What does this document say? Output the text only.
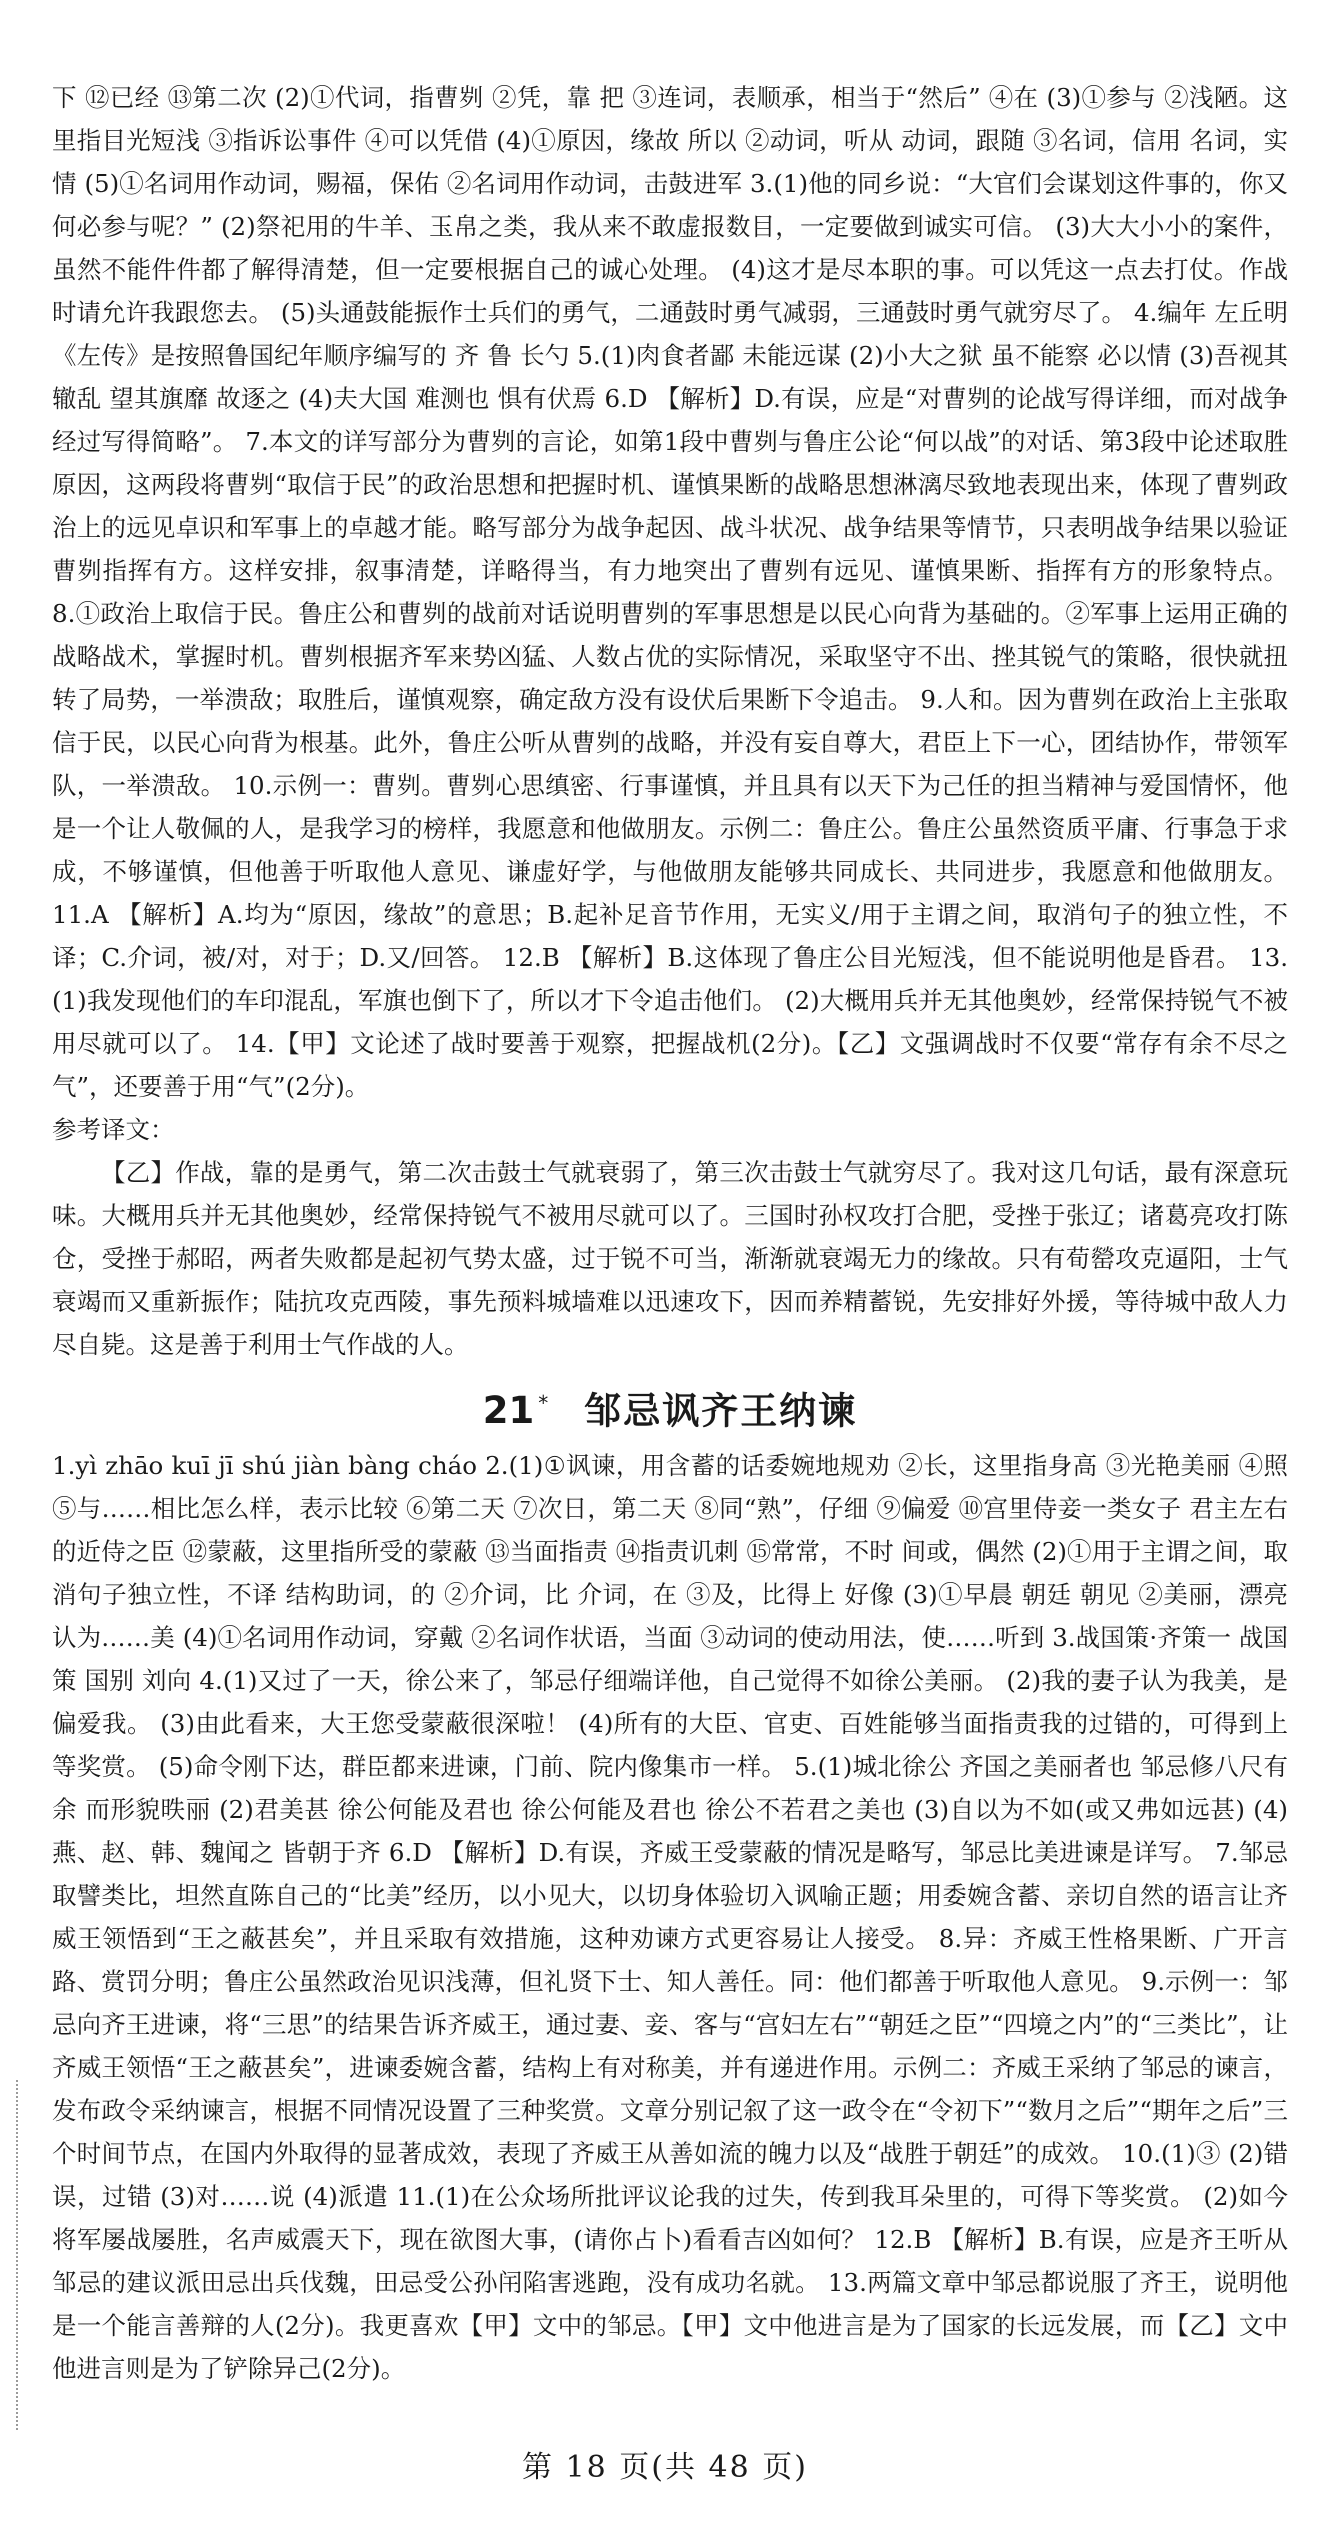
下 ⑫已经 ⑬第二次 (2)①代词，指曹刿 ②凭，靠 把 ③连词，表顺承，相当于“然后” ④在 (3)①参与 ②浅陋。这里指目光短浅 ③指诉讼事件 ④可以凭借 (4)①原因，缘故 所以 ②动词，听从 动词，跟随 ③名词，信用 名词，实情 (5)①名词用作动词，赐福，保佑 ②名词用作动词，击鼓进军 3.(1)他的同乡说：“大官们会谋划这件事的，你又何必参与呢？” (2)祭祀用的牛羊、玉帛之类，我从来不敢虚报数目，一定要做到诚实可信。 (3)大大小小的案件，虽然不能件件都了解得清楚，但一定要根据自己的诚心处理。 (4)这才是尽本职的事。可以凭这一点去打仗。作战时请允许我跟您去。 (5)头通鼓能振作士兵们的勇气，二通鼓时勇气减弱，三通鼓时勇气就穷尽了。 4.编年 左丘明 《左传》是按照鲁国纪年顺序编写的 齐 鲁 长勺 5.(1)肉食者鄙 未能远谋 (2)小大之狱 虽不能察 必以情 (3)吾视其辙乱 望其旗靡 故逐之 (4)夫大国 难测也 惧有伏焉 6.D 【解析】D.有误，应是“对曹刿的论战写得详细，而对战争经过写得简略”。 7.本文的详写部分为曹刿的言论，如第1段中曹刿与鲁庄公论“何以战”的对话、第3段中论述取胜原因，这两段将曹刿“取信于民”的政治思想和把握时机、谨慎果断的战略思想淋漓尽致地表现出来，体现了曹刿政治上的远见卓识和军事上的卓越才能。略写部分为战争起因、战斗状况、战争结果等情节，只表明战争结果以验证曹刿指挥有方。这样安排，叙事清楚，详略得当，有力地突出了曹刿有远见、谨慎果断、指挥有方的形象特点。 8.①政治上取信于民。鲁庄公和曹刿的战前对话说明曹刿的军事思想是以民心向背为基础的。②军事上运用正确的战略战术，掌握时机。曹刿根据齐军来势凶猛、人数占优的实际情况，采取坚守不出、挫其锐气的策略，很快就扭转了局势，一举溃敌；取胜后，谨慎观察，确定敌方没有设伏后果断下令追击。 9.人和。因为曹刿在政治上主张取信于民，以民心向背为根基。此外，鲁庄公听从曹刿的战略，并没有妄自尊大，君臣上下一心，团结协作，带领军队，一举溃敌。 10.示例一：曹刿。曹刿心思缜密、行事谨慎，并且具有以天下为己任的担当精神与爱国情怀，他是一个让人敬佩的人，是我学习的榜样，我愿意和他做朋友。示例二：鲁庄公。鲁庄公虽然资质平庸、行事急于求成，不够谨慎，但他善于听取他人意见、谦虚好学，与他做朋友能够共同成长、共同进步，我愿意和他做朋友。 11.A 【解析】A.均为“原因，缘故”的意思；B.起补足音节作用，无实义/用于主谓之间，取消句子的独立性，不译；C.介词，被/对，对于；D.又/回答。 12.B 【解析】B.这体现了鲁庄公目光短浅，但不能说明他是昏君。 13.(1)我发现他们的车印混乱，军旗也倒下了，所以才下令追击他们。 (2)大概用兵并无其他奥妙，经常保持锐气不被用尽就可以了。 14.【甲】文论述了战时要善于观察，把握战机(2分)。【乙】文强调战时不仅要“常存有余不尽之气”，还要善于用“气”(2分)。

参考译文：

【乙】作战，靠的是勇气，第二次击鼓士气就衰弱了，第三次击鼓士气就穷尽了。我对这几句话，最有深意玩味。大概用兵并无其他奥妙，经常保持锐气不被用尽就可以了。三国时孙权攻打合肥，受挫于张辽；诸葛亮攻打陈仓，受挫于郝昭，两者失败都是起初气势太盛，过于锐不可当，渐渐就衰竭无力的缘故。只有荀罃攻克逼阳，士气衰竭而又重新振作；陆抗攻克西陵，事先预料城墙难以迅速攻下，因而养精蓄锐，先安排好外援，等待城中敌人力尽自毙。这是善于利用士气作战的人。

21 * 邹忌讽齐王纳谏

1.yì zhāo kuī jī shú jiàn bàng cháo 2.(1)①讽谏，用含蓄的话委婉地规劝 ②长，这里指身高 ③光艳美丽 ④照 ⑤与……相比怎么样，表示比较 ⑥第二天 ⑦次日，第二天 ⑧同“熟”，仔细 ⑨偏爱 ⑩宫里侍妾一类女子 君主左右的近侍之臣 ⑫蒙蔽，这里指所受的蒙蔽 ⑬当面指责 ⑭指责讥刺 ⑮常常，不时 间或，偶然 (2)①用于主谓之间，取消句子独立性，不译 结构助词，的 ②介词，比 介词，在 ③及，比得上 好像 (3)①早晨 朝廷 朝见 ②美丽，漂亮 认为……美 (4)①名词用作动词，穿戴 ②名词作状语，当面 ③动词的使动用法，使……听到 3.战国策·齐策一 战国策 国别 刘向 4.(1)又过了一天，徐公来了，邹忌仔细端详他，自己觉得不如徐公美丽。 (2)我的妻子认为我美，是偏爱我。 (3)由此看来，大王您受蒙蔽很深啦！ (4)所有的大臣、官吏、百姓能够当面指责我的过错的，可得到上等奖赏。 (5)命令刚下达，群臣都来进谏，门前、院内像集市一样。 5.(1)城北徐公 齐国之美丽者也 邹忌修八尺有余 而形貌昳丽 (2)君美甚 徐公何能及君也 徐公何能及君也 徐公不若君之美也 (3)自以为不如(或又弗如远甚) (4)燕、赵、韩、魏闻之 皆朝于齐 6.D 【解析】D.有误，齐威王受蒙蔽的情况是略写，邹忌比美进谏是详写。 7.邹忌取譬类比，坦然直陈自己的“比美”经历，以小见大，以切身体验切入讽喻正题；用委婉含蓄、亲切自然的语言让齐威王领悟到“王之蔽甚矣”，并且采取有效措施，这种劝谏方式更容易让人接受。 8.异：齐威王性格果断、广开言路、赏罚分明；鲁庄公虽然政治见识浅薄，但礼贤下士、知人善任。同：他们都善于听取他人意见。 9.示例一：邹忌向齐王进谏，将“三思”的结果告诉齐威王，通过妻、妾、客与“宫妇左右”“朝廷之臣”“四境之内”的“三类比”，让齐威王领悟“王之蔽甚矣”，进谏委婉含蓄，结构上有对称美，并有递进作用。示例二：齐威王采纳了邹忌的谏言，发布政令采纳谏言，根据不同情况设置了三种奖赏。文章分别记叙了这一政令在“令初下”“数月之后”“期年之后”三个时间节点，在国内外取得的显著成效，表现了齐威王从善如流的魄力以及“战胜于朝廷”的成效。 10.(1)③ (2)错误，过错 (3)对……说 (4)派遣 11.(1)在公众场所批评议论我的过失，传到我耳朵里的，可得下等奖赏。 (2)如今将军屡战屡胜，名声威震天下，现在欲图大事，(请你占卜)看看吉凶如何？ 12.B 【解析】B.有误，应是齐王听从邹忌的建议派田忌出兵伐魏，田忌受公孙闬陷害逃跑，没有成功名就。 13.两篇文章中邹忌都说服了齐王，说明他是一个能言善辩的人(2分)。我更喜欢【甲】文中的邹忌。【甲】文中他进言是为了国家的长远发展，而【乙】文中他进言则是为了铲除异己(2分)。

第 18 页(共 48 页)
